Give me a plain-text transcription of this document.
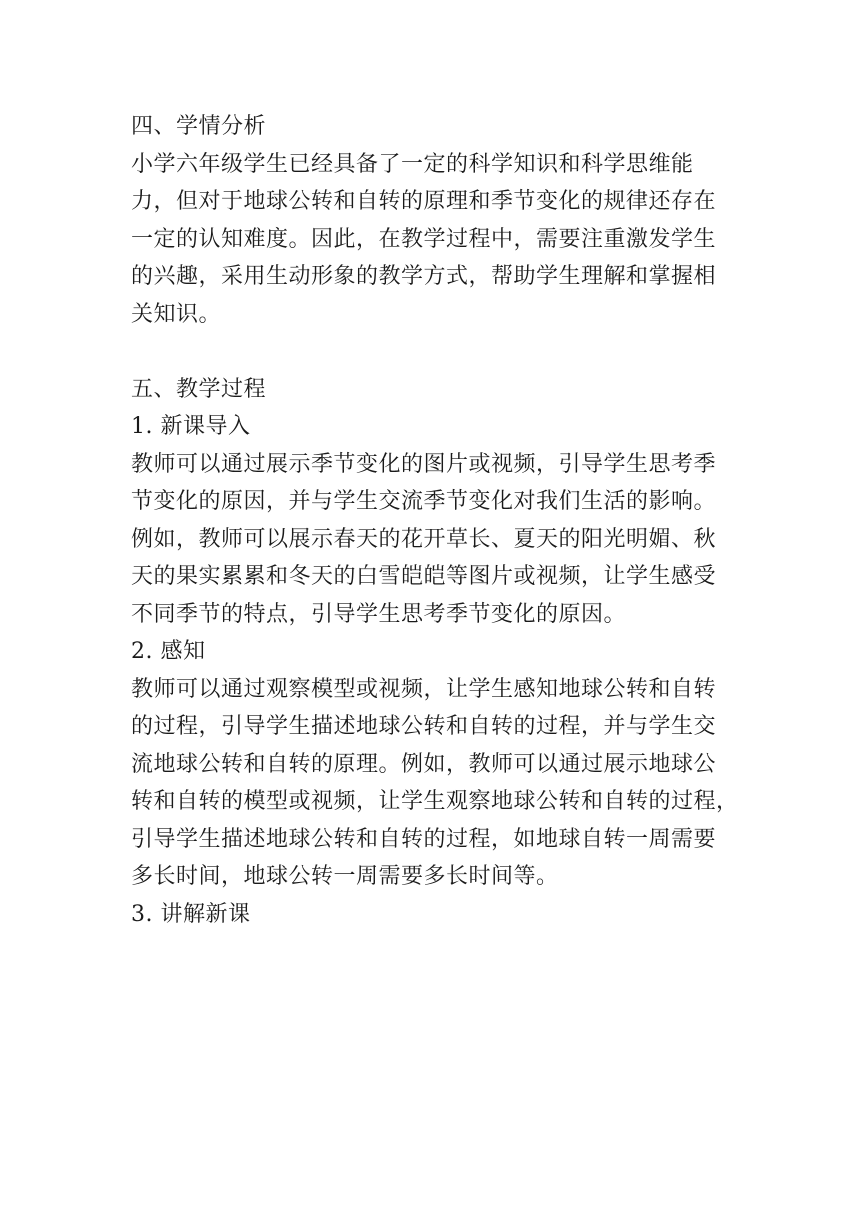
四、学情分析
小学六年级学生已经具备了一定的科学知识和科学思维能
力，但对于地球公转和自转的原理和季节变化的规律还存在
一定的认知难度。因此，在教学过程中，需要注重激发学生
的兴趣，采用生动形象的教学方式，帮助学生理解和掌握相
关知识。
五、教学过程
1. 新课导入
教师可以通过展示季节变化的图片或视频，引导学生思考季
节变化的原因，并与学生交流季节变化对我们生活的影响。
例如，教师可以展示春天的花开草长、夏天的阳光明媚、秋
天的果实累累和冬天的白雪皑皑等图片或视频，让学生感受
不同季节的特点，引导学生思考季节变化的原因。
2. 感知
教师可以通过观察模型或视频，让学生感知地球公转和自转
的过程，引导学生描述地球公转和自转的过程，并与学生交
流地球公转和自转的原理。例如，教师可以通过展示地球公
转和自转的模型或视频，让学生观察地球公转和自转的过程，
引导学生描述地球公转和自转的过程，如地球自转一周需要
多长时间，地球公转一周需要多长时间等。
3. 讲解新课
